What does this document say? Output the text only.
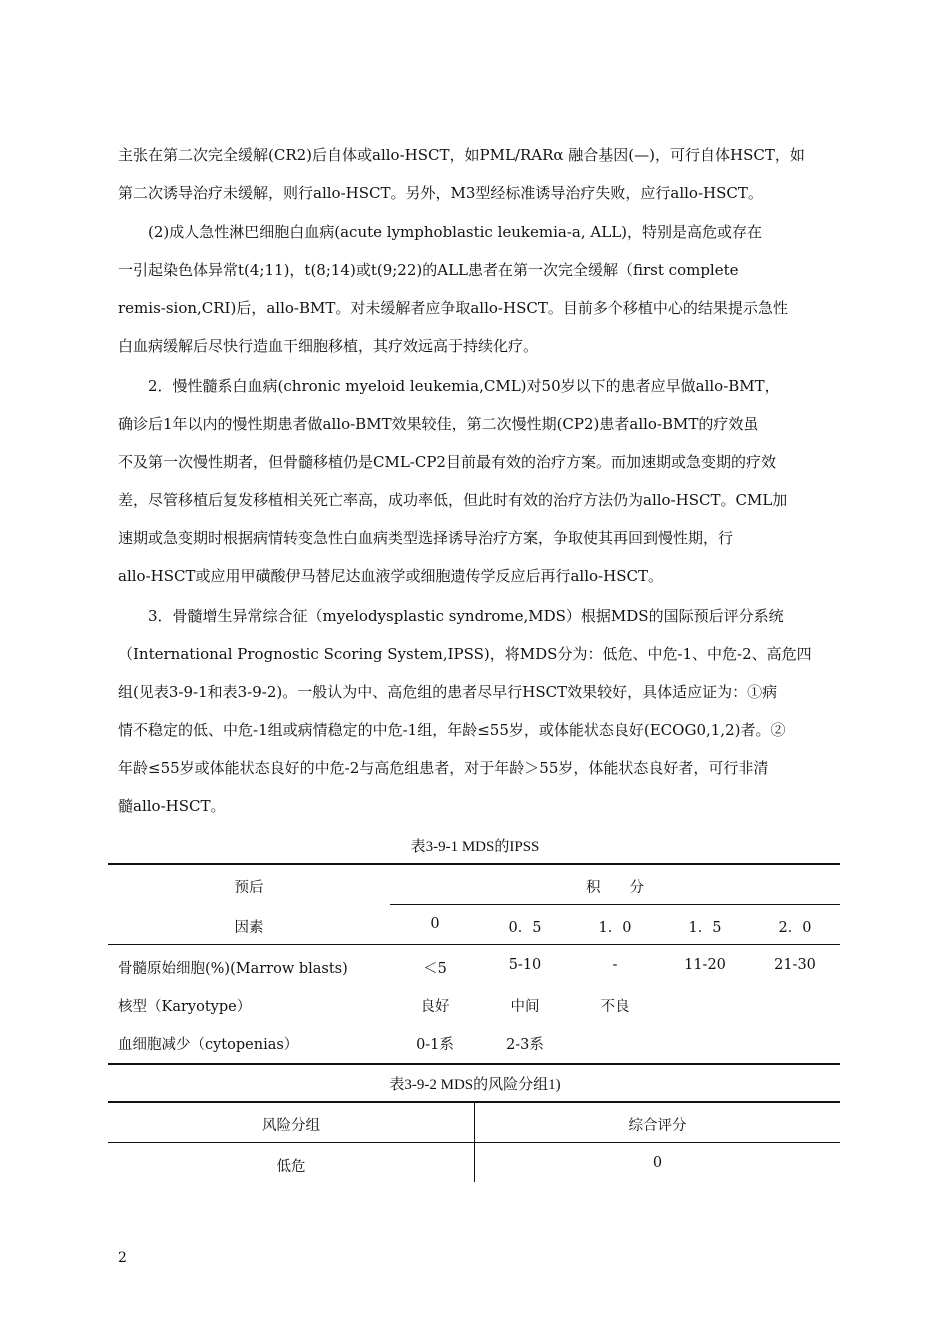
主张在第二次完全缓解(CR2)后自体或allo-HSCT，如PML/RARα 融合基因(—)，可行自体HSCT，如
第二次诱导治疗未缓解，则行allo-HSCT。另外，M3型经标准诱导治疗失败，应行allo-HSCT。
　　(2)成人急性淋巴细胞白血病(acute lymphoblastic leukemia-a, ALL)，特别是高危或存在
一引起染色体异常t(4;11)，t(8;14)或t(9;22)的ALL患者在第一次完全缓解（first complete
remis-sion,CRI)后，allo-BMT。对未缓解者应争取allo-HSCT。目前多个移植中心的结果提示急性
白血病缓解后尽快行造血干细胞移植，其疗效远高于持续化疗。
　　2．慢性髓系白血病(chronic myeloid leukemia,CML)对50岁以下的患者应早做allo-BMT，
确诊后1年以内的慢性期患者做allo-BMT效果较佳，第二次慢性期(CP2)患者allo-BMT的疗效虽
不及第一次慢性期者，但骨髓移植仍是CML-CP2目前最有效的治疗方案。而加速期或急变期的疗效
差，尽管移植后复发移植相关死亡率高，成功率低，但此时有效的治疗方法仍为allo-HSCT。CML加
速期或急变期时根据病情转变急性白血病类型选择诱导治疗方案，争取使其再回到慢性期，行
allo-HSCT或应用甲磺酸伊马替尼达血液学或细胞遗传学反应后再行allo-HSCT。
　　3．骨髓增生异常综合征（myelodysplastic syndrome,MDS）根据MDS的国际预后评分系统
（International Prognostic Scoring System,IPSS)，将MDS分为：低危、中危-1、中危-2、高危四
组(见表3-9-1和表3-9-2)。一般认为中、高危组的患者尽早行HSCT效果较好，具体适应证为：①病
情不稳定的低、中危-1组或病情稳定的中危-1组，年龄≤55岁，或体能状态良好(ECOG0,1,2)者。②
年龄≤55岁或体能状态良好的中危-2与高危组患者，对于年龄＞55岁，体能状态良好者，可行非清
髓allo-HSCT。
表3-9-1 MDS的IPSS
预后	积　　分
因素	0	0．5	1．0	1．5	2．0
骨髓原始细胞(%)(Marrow blasts)	＜5	5-10	-	11-20	21-30
核型（Karyotype）	良好	中间	不良
血细胞减少（cytopenias）	0-1系	2-3系
表3-9-2 MDS的风险分组1)
风险分组	综合评分
低危	0
2
